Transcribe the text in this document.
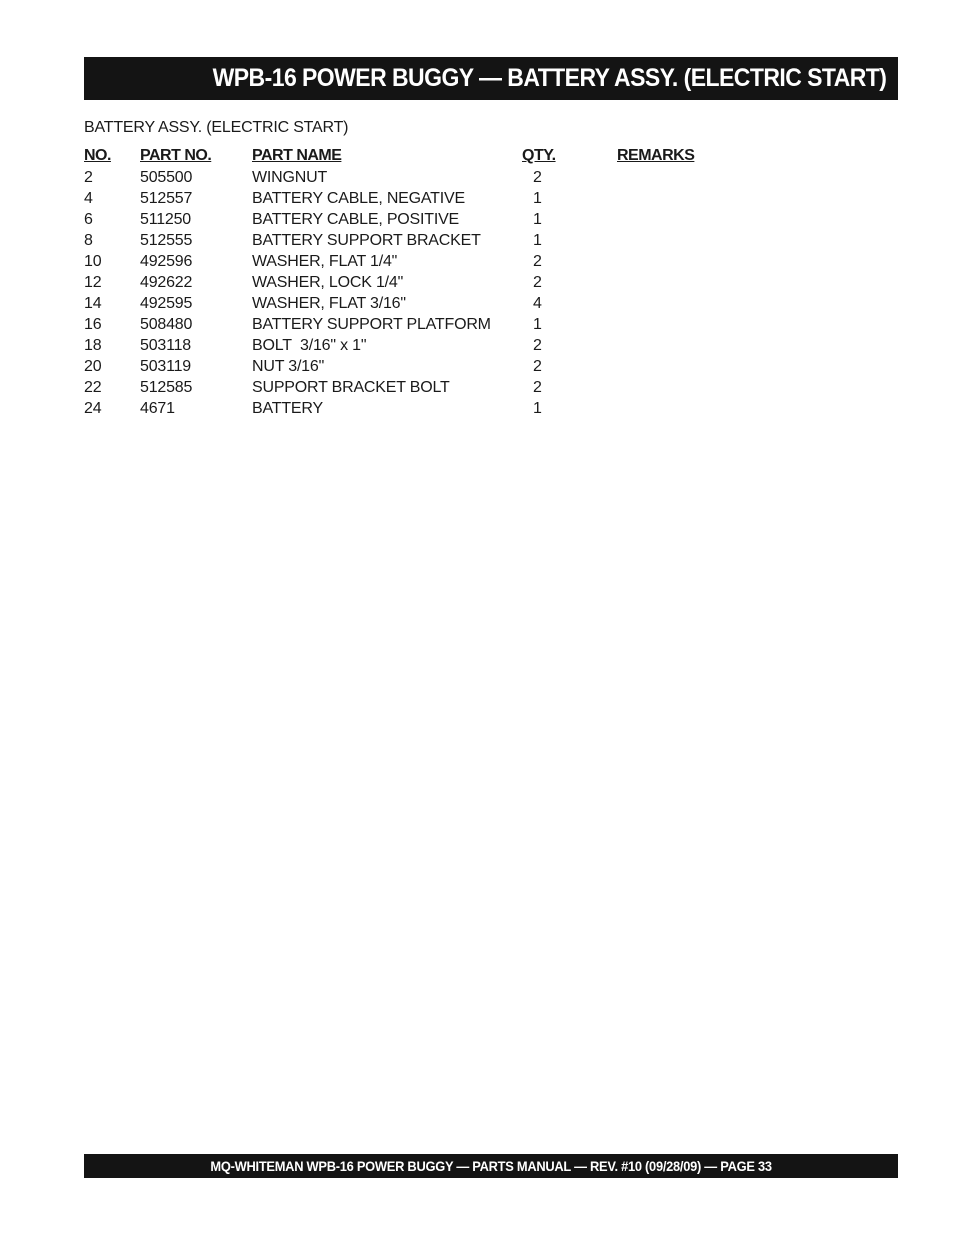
WPB-16 POWER BUGGY — BATTERY ASSY. (ELECTRIC START)
BATTERY ASSY. (ELECTRIC START)
NO.	PART NO.	PART NAME	QTY.	REMARKS
2	505500	WINGNUT	2	
4	512557	BATTERY CABLE, NEGATIVE	1	
6	511250	BATTERY CABLE, POSITIVE	1	
8	512555	BATTERY SUPPORT BRACKET	1	
10	492596	WASHER, FLAT 1/4"	2	
12	492622	WASHER, LOCK 1/4"	2	
14	492595	WASHER, FLAT 3/16"	4	
16	508480	BATTERY SUPPORT PLATFORM	1	
18	503118	BOLT  3/16" x 1"	2	
20	503119	NUT 3/16"	2	
22	512585	SUPPORT BRACKET BOLT	2	
24	4671	BATTERY	1	
MQ-WHITEMAN WPB-16 POWER BUGGY — PARTS MANUAL — REV. #10 (09/28/09) — PAGE 33
